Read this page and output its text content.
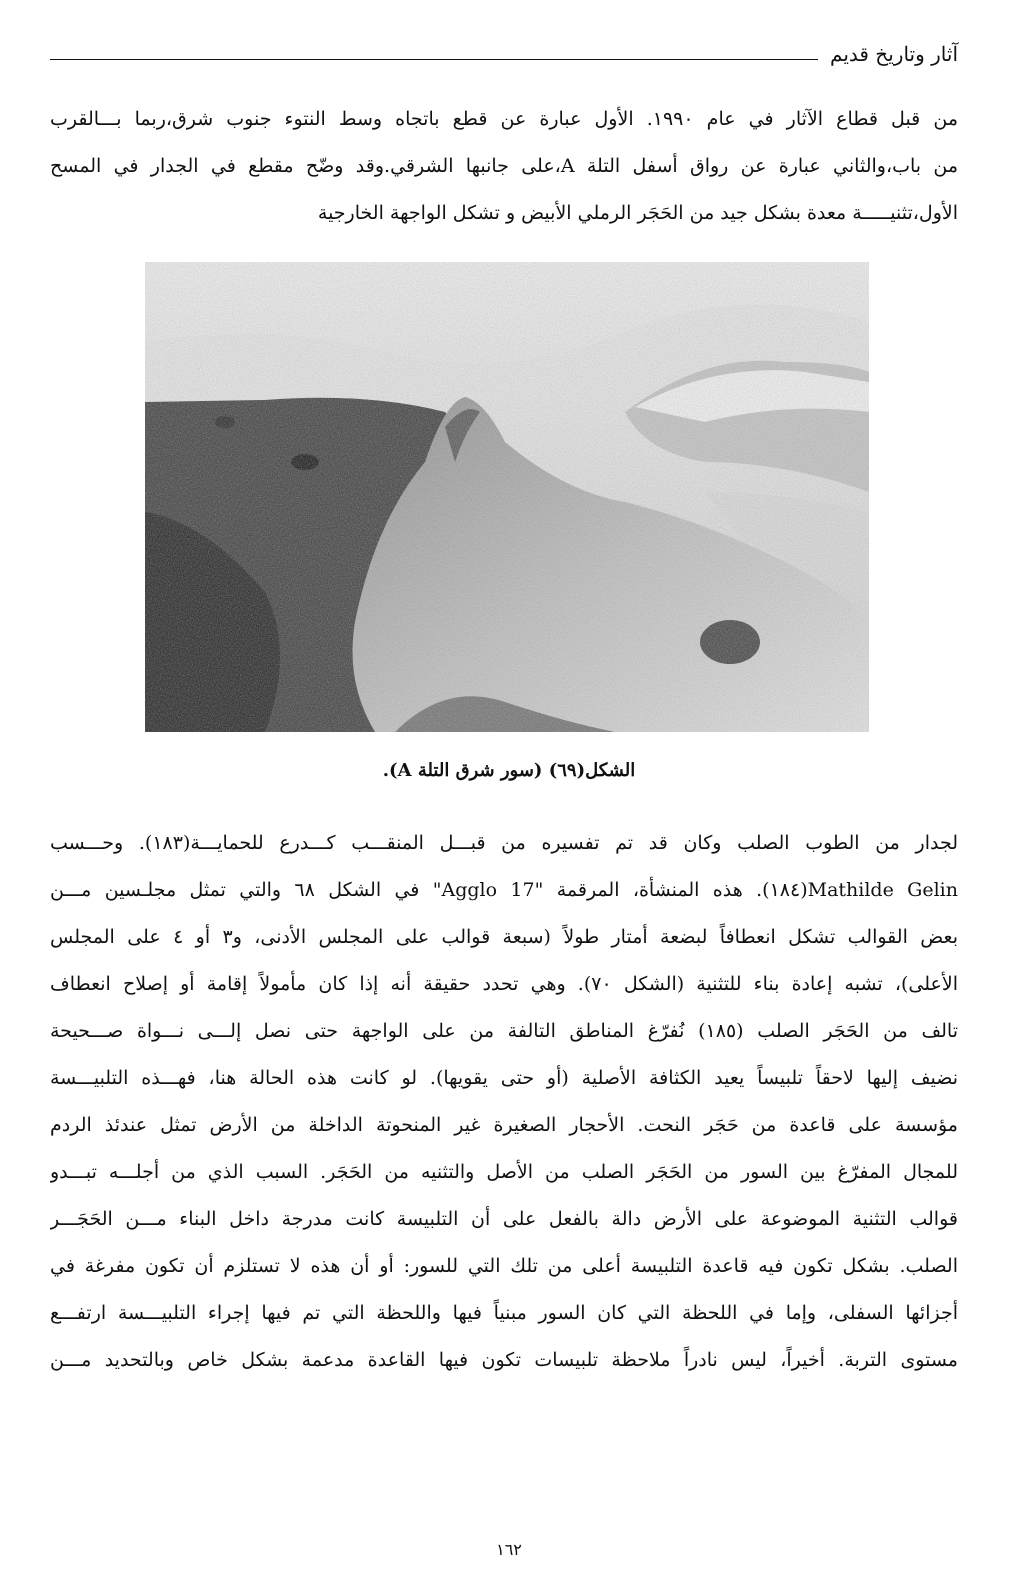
آثار وتاريخ قديم
من قبل قطاع الآثار في عام ١٩٩٠. الأول عبارة عن قطع باتجاه وسط النتوء جنوب شرق،ربما بـــالقرب
من باب،والثاني عبارة عن رواق أسفل التلة A،على جانبها الشرقي.وقد وضّح مقطع في الجدار في المسح
الأول،تثنيـــــة معدة بشكل جيد من الحَجَر الرملي الأبيض و تشكل الواجهة الخارجية
الشكل(٦٩) (سور شرق التلة A).
لجدار من الطوب الصلب وكان قد تم تفسيره من قبـــل المنقـــب كـــدرع للحمايـــة(١٨٣). وحـــسب
Mathilde Gelin(١٨٤). هذه المنشأة، المرقمة "Agglo 17" في الشكل ٦٨ والتي تمثل مجلـسين مـــن
بعض القوالب تشكل انعطافاً لبضعة أمتار طولاً (سبعة قوالب على المجلس الأدنى، و٣ أو ٤ على المجلس
الأعلى)، تشبه إعادة بناء للتثنية (الشكل ٧٠). وهي تحدد حقيقة أنه إذا كان مأمولاً إقامة أو إصلاح انعطاف
تالف من الحَجَر الصلب (١٨٥) نُفرّغ المناطق التالفة من على الواجهة حتى نصل إلـــى نـــواة صـــحيحة
نضيف إليها لاحقاً تلبيساً يعيد الكثافة الأصلية (أو حتى يقويها). لو كانت هذه الحالة هنا، فهـــذه التلبيـــسة
مؤسسة على قاعدة من حَجَر النحت. الأحجار الصغيرة غير المنحوتة الداخلة من الأرض تمثل عندئذ الردم
للمجال المفرّغ بين السور من الحَجَر الصلب من الأصل والتثنيه من الحَجَر. السبب الذي من أجلـــه تبـــدو
قوالب التثنية الموضوعة على الأرض دالة بالفعل على أن التلبيسة كانت مدرجة داخل البناء مـــن الحَجَـــر
الصلب. بشكل تكون فيه قاعدة التلبيسة أعلى من تلك التي للسور: أو أن هذه لا تستلزم أن تكون مفرغة في
أجزائها السفلى، وإما في اللحظة التي كان السور مبنياً فيها واللحظة التي تم فيها إجراء التلبيـــسة ارتفـــع
مستوى التربة. أخيراً، ليس نادراً ملاحظة تلبيسات تكون فيها القاعدة مدعمة بشكل خاص وبالتحديد مـــن
١٦٢
